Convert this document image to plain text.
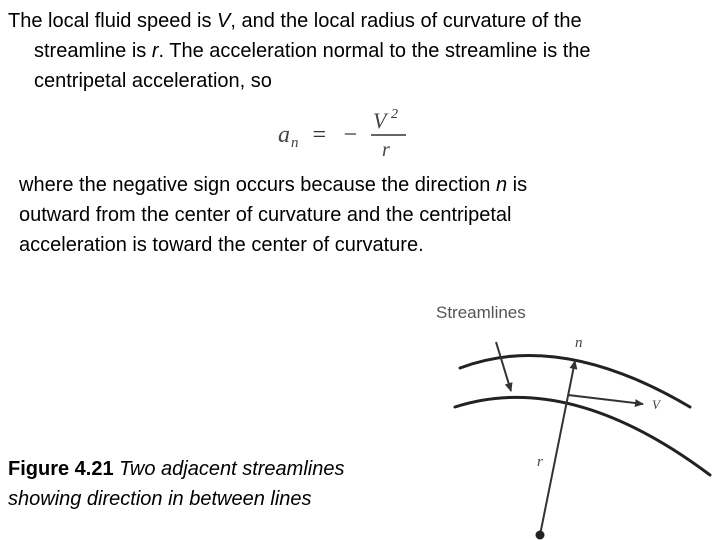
The local fluid speed is V, and the local radius of curvature of the
streamline is r. The acceleration normal to the streamline is the
centripetal acceleration, so
a n = −
V 2
r
where the negative sign occurs because the direction n is
outward from the center of curvature and the centripetal
acceleration is toward the center of curvature.
Figure 4.21 Two adjacent streamlines
showing direction in between lines
Streamlines
n
V
r
